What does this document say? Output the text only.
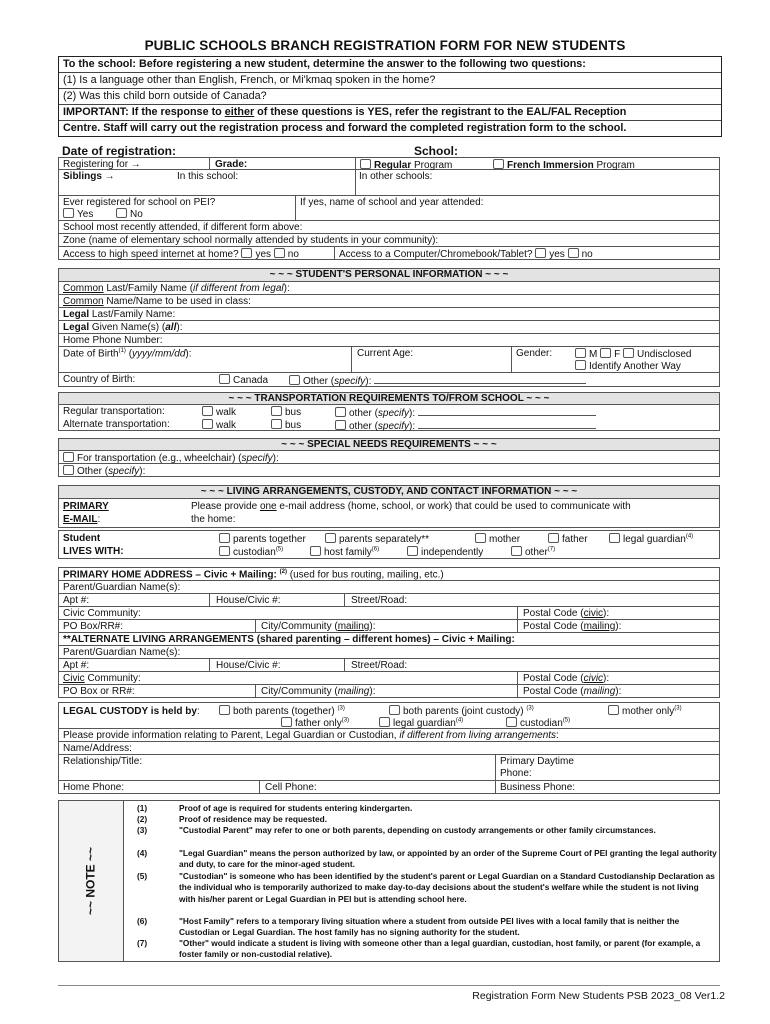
PUBLIC SCHOOLS BRANCH REGISTRATION FORM FOR NEW STUDENTS
To the school: Before registering a new student, determine the answer to the following two questions:
(1) Is a language other than English, French, or Mi'kmaq spoken in the home?
(2) Was this child born outside of Canada?
IMPORTANT: If the response to either of these questions is YES, refer the registrant to the EAL/FAL Reception
Centre. Staff will carry out the registration process and forward the completed registration form to the school.
Date of registration:	School:
Registering for →	Grade:	Regular Program	French Immersion Program
Siblings →	In this school:	In other schools:
Ever registered for school on PEI?
Yes	No
If yes, name of school and year attended:
School most recently attended, if different form above:
Zone (name of elementary school normally attended by students in your community):
Access to high speed internet at home? yes no	Access to a Computer/Chromebook/Tablet? yes no
~ ~ ~ STUDENT'S PERSONAL INFORMATION ~ ~ ~
Common Last/Family Name (if different from legal):
Common Name/Name to be used in class:
Legal Last/Family Name:
Legal Given Name(s) (all):
Home Phone Number:
Date of Birth$^{(1)}$ (yyyy/mm/dd):	Current Age:	Gender:	M F Undisclosed
Identify Another Way
Country of Birth:	Canada	Other (specify):
~ ~ ~ TRANSPORTATION REQUIREMENTS TO/FROM SCHOOL ~ ~ ~
Regular transportation:	walk	bus	other (specify):
Alternate transportation:	walk	bus	other (specify):
~ ~ ~ SPECIAL NEEDS REQUIREMENTS ~ ~ ~
For transportation (e.g., wheelchair) (specify):
Other (specify):
~ ~ ~ LIVING ARRANGEMENTS, CUSTODY, AND CONTACT INFORMATION ~ ~ ~
PRIMARY
E-MAIL:
Please provide one e-mail address (home, school, or work) that could be used to communicate with
the home:
Student
LIVES WITH:
parents together	parents separately**	mother	father	legal guardian$^{(4)}$
custodian$^{(5)}$	host family$^{(6)}$	independently	other$^{(7)}$
PRIMARY HOME ADDRESS – Civic + Mailing: $^{(2)}$ (used for bus routing, mailing, etc.)
Parent/Guardian Name(s):
Apt #:	House/Civic #:	Street/Road:
Civic Community:	Postal Code (civic):
PO Box/RR#:	City/Community (mailing):	Postal Code (mailing):
**ALTERNATE LIVING ARRANGEMENTS (shared parenting – different homes) – Civic + Mailing:
Parent/Guardian Name(s):
Apt #:	House/Civic #:	Street/Road:
Civic Community:	Postal Code (civic):
PO Box or RR#:	City/Community (mailing):	Postal Code (mailing):
LEGAL CUSTODY is held by:	both parents (together) $^{(3)}$	both parents (joint custody) $^{(3)}$	mother only$^{(3)}$
father only$^{(3)}$	legal guardian$^{(4)}$	custodian$^{(5)}$
Please provide information relating to Parent, Legal Guardian or Custodian, if different from living arrangements:
Name/Address:
Relationship/Title:	Primary Daytime
Phone:
Home Phone:	Cell Phone:	Business Phone:
~~ NOTE ~~
(1)	Proof of age is required for students entering kindergarten.
(2)	Proof of residence may be requested.
(3)	"Custodial Parent" may refer to one or both parents, depending on custody arrangements or other family circumstances.
(4)	"Legal Guardian" means the person authorized by law, or appointed by an order of the Supreme Court of PEI granting the legal authority and duty, to care for the minor-aged student.
(5)	"Custodian" is someone who has been identified by the student's parent or Legal Guardian on a Standard Custodianship Declaration as the individual who is temporarily authorized to make day-to-day decisions about the student's welfare while the student is not living with his/her parent or Legal Guardian in PEI but is attending school here.
(6)	"Host Family" refers to a temporary living situation where a student from outside PEI lives with a local family that is neither the Custodian or Legal Guardian. The host family has no signing authority for the student.
(7)	"Other" would indicate a student is living with someone other than a legal guardian, custodian, host family, or parent (for example, a foster family or non-custodial relative).
Registration Form New Students PSB 2023_08 Ver1.2
